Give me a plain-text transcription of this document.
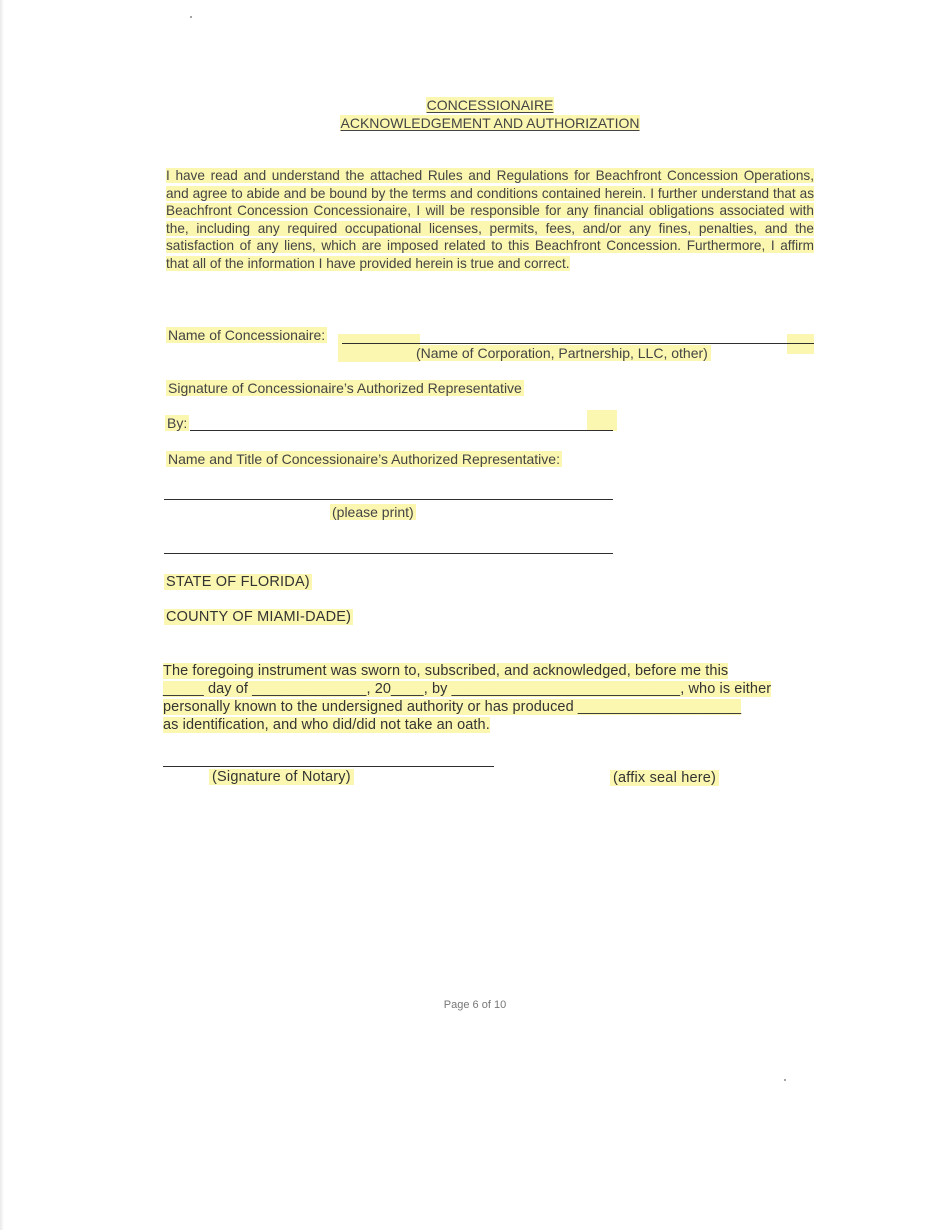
CONCESSIONAIRE
ACKNOWLEDGEMENT AND AUTHORIZATION
I have read and understand the attached Rules and Regulations for Beachfront Concession Operations, and agree to abide and be bound by the terms and conditions contained herein. I further understand that as Beachfront Concession Concessionaire, I will be responsible for any financial obligations associated with the, including any required occupational licenses, permits, fees, and/or any fines, penalties, and the satisfaction of any liens, which are imposed related to this Beachfront Concession. Furthermore, I affirm that all of the information I have provided herein is true and correct.
Name of Concessionaire:
(Name of Corporation, Partnership, LLC, other)
Signature of Concessionaire’s Authorized Representative
By:
Name and Title of Concessionaire’s Authorized Representative:
(please print)
STATE OF FLORIDA)
COUNTY OF MIAMI-DADE)
The foregoing instrument was sworn to, subscribed, and acknowledged, before me this
_____ day of ______________, 20____, by ____________________________, who is either
personally known to the undersigned authority or has produced ____________________
as identification, and who did/did not take an oath.
(Signature of Notary)	(affix seal here)
Page 6 of 10
